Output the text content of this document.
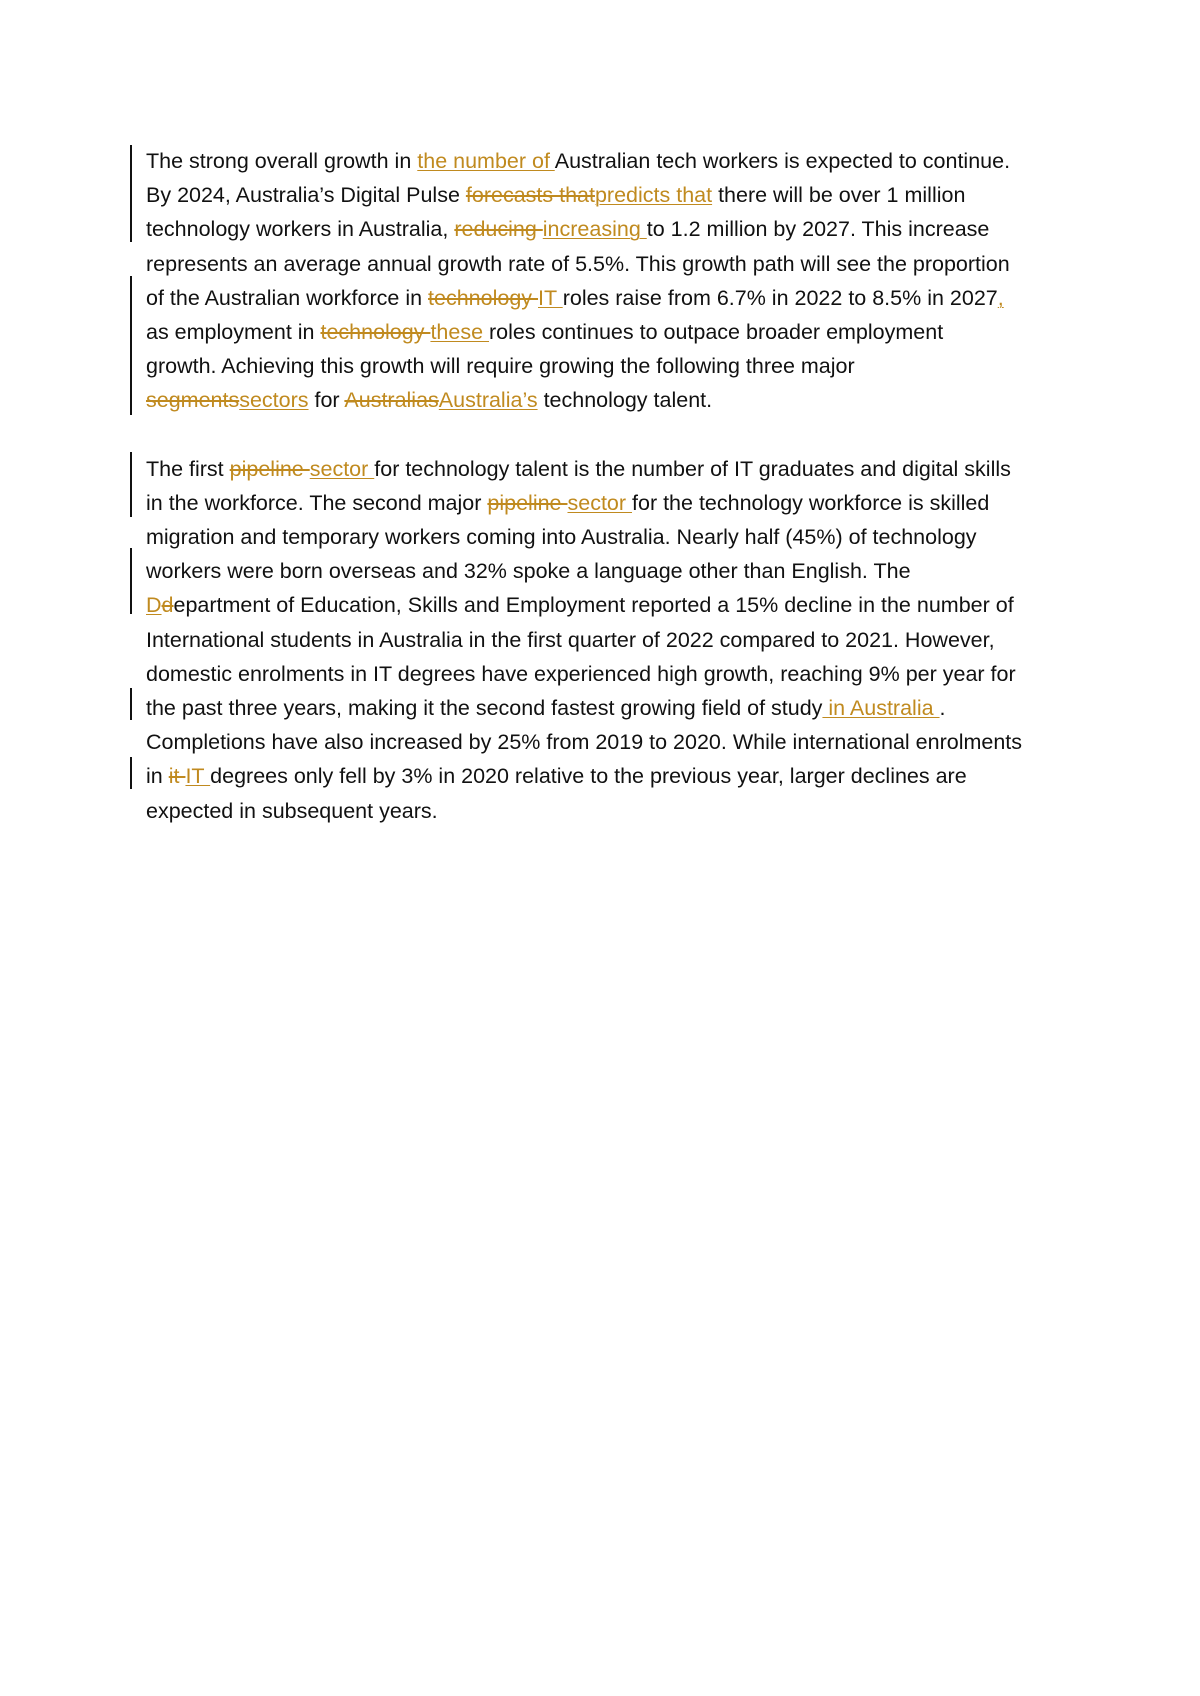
The strong overall growth in the number of Australian tech workers is expected to continue.
By 2024, Australia’s Digital Pulse forecasts thatpredicts that there will be over 1 million
technology workers in Australia, reducing increasing to 1.2 million by 2027. This increase
represents an average annual growth rate of 5.5%. This growth path will see the proportion
of the Australian workforce in technology IT roles raise from 6.7% in 2022 to 8.5% in 2027,
as employment in technology these roles continues to outpace broader employment
growth. Achieving this growth will require growing the following three major
segmentssectors for AustraliasAustralia’s technology talent.

The first pipeline sector for technology talent is the number of IT graduates and digital skills
in the workforce. The second major pipeline sector for the technology workforce is skilled
migration and temporary workers coming into Australia. Nearly half (45%) of technology
workers were born overseas and 32% spoke a language other than English. The
Ddepartment of Education, Skills and Employment reported a 15% decline in the number of
International students in Australia in the first quarter of 2022 compared to 2021. However,
domestic enrolments in IT degrees have experienced high growth, reaching 9% per year for
the past three years, making it the second fastest growing field of study in Australia .
Completions have also increased by 25% from 2019 to 2020. While international enrolments
in it IT degrees only fell by 3% in 2020 relative to the previous year, larger declines are
expected in subsequent years.
